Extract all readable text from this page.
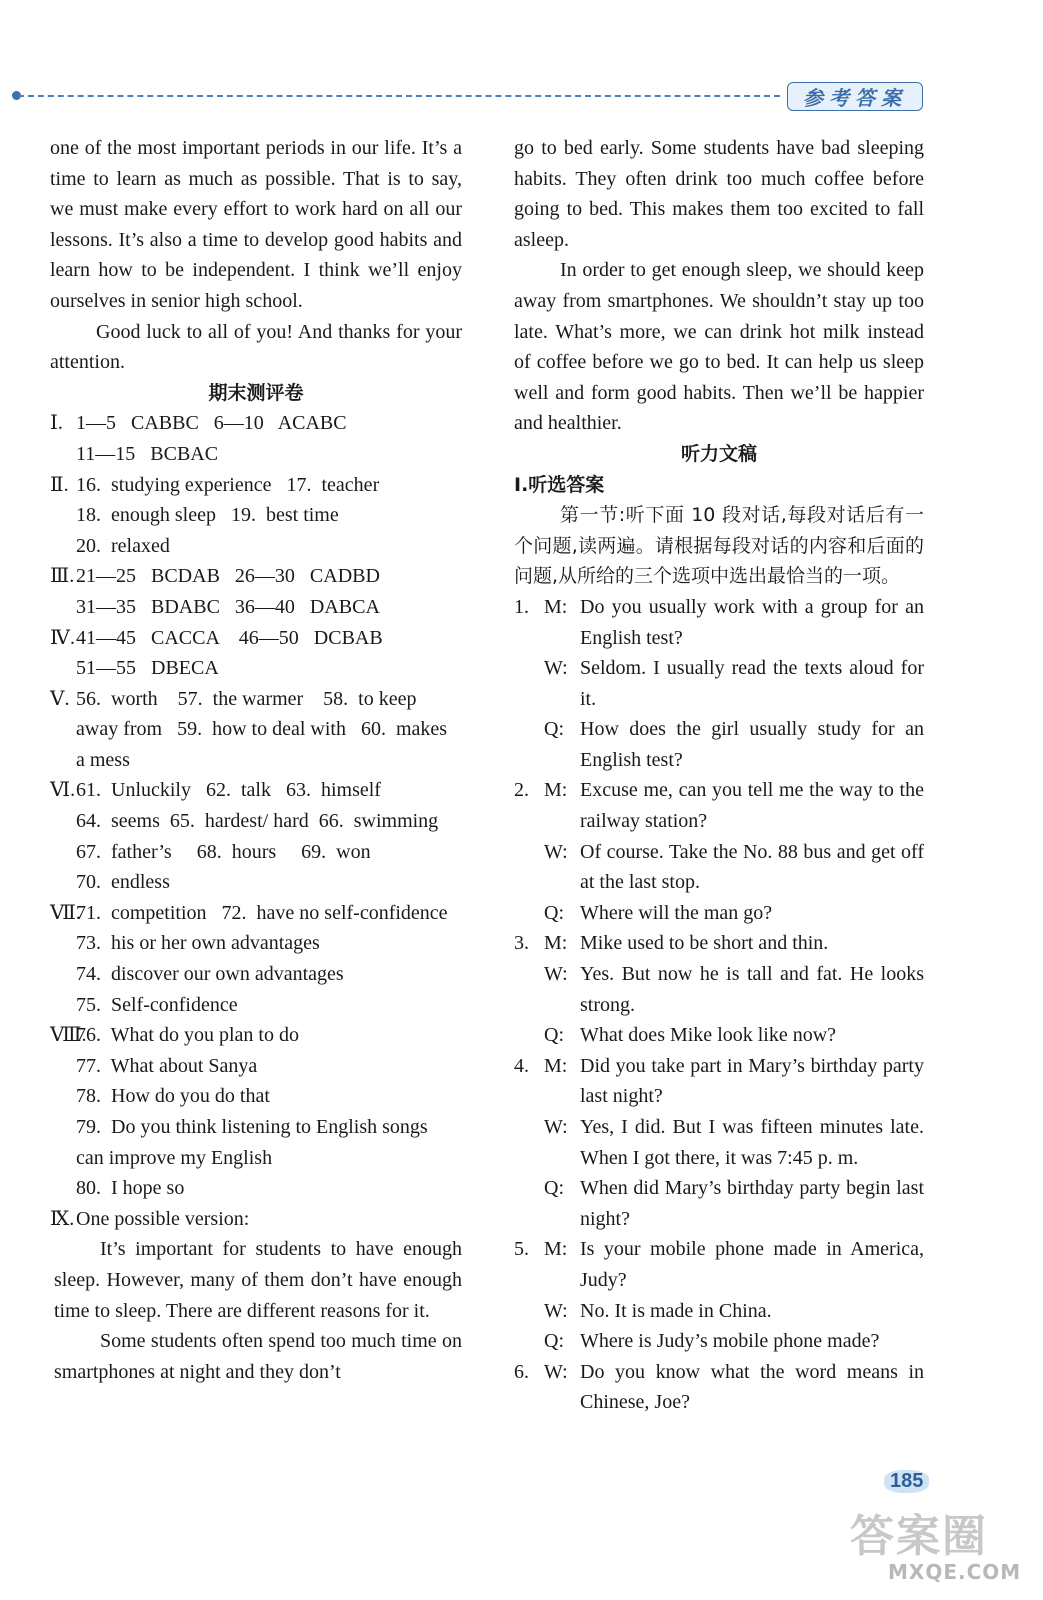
参考答案
one of the most important periods in our life. It’s a time to learn as much as possible. That is to say, we must make every effort to work hard on all our lessons. It’s also a time to develop good habits and learn how to be independent. I think we’ll enjoy ourselves in senior high school.
Good luck to all of you! And thanks for your attention.
期末测评卷
Ⅰ. 1—5   CABBC   6—10   ACABC
11—15   BCBAC
Ⅱ. 16.  studying experience   17.  teacher
18.  enough sleep   19.  best time
20.  relaxed
Ⅲ. 21—25   BCDAB   26—30   CADBD
31—35   BDABC   36—40   DABCA
Ⅳ. 41—45   CACCA    46—50   DCBAB
51—55   DBECA
Ⅴ. 56.  worth    57.  the warmer    58.  to keep
away from   59.  how to deal with   60.  makes
a mess
Ⅵ. 61.  Unluckily   62.  talk   63.  himself
64.  seems  65.  hardest/ hard  66.  swimming
67.  father’s     68.  hours     69.  won
70.  endless
Ⅶ.
71.  competition   72.  have no self-confidence
73.  his or her own advantages
74.  discover our own advantages
75.  Self-confidence
Ⅷ.
76.  What do you plan to do
77.  What about Sanya
78.  How do you do that
79.  Do you think listening to English songs
can improve my English
80.  I hope so
Ⅸ. One possible version:
It’s important for students to have enough sleep. However, many of them don’t have enough time to sleep. There are different reasons for it.
Some students often spend too much time on smartphones at night and they don’t
go to bed early. Some students have bad sleeping habits. They often drink too much coffee before going to bed. This makes them too excited to fall asleep.
In order to get enough sleep, we should keep away from smartphones. We shouldn’t stay up too late. What’s more, we can drink hot milk instead of coffee before we go to bed. It can help us sleep well and form good habits. Then we’ll be happier and healthier.
听力文稿
Ⅰ.听选答案
第一节:听下面 10 段对话,每段对话后有一个问题,读两遍。请根据每段对话的内容和后面的问题,从所给的三个选项中选出最恰当的一项。
1. M: Do you usually work with a group for an English test?
W: Seldom. I usually read the texts aloud for it.
Q: How does the girl usually study for an English test?
2. M: Excuse me, can you tell me the way to the railway station?
W: Of course. Take the No. 88 bus and get off at the last stop.
Q: Where will the man go?
3. M: Mike used to be short and thin.
W: Yes. But now he is tall and fat. He looks strong.
Q: What does Mike look like now?
4. M: Did you take part in Mary’s birthday party last night?
W: Yes, I did. But I was fifteen minutes late. When I got there, it was 7:45 p. m.
Q: When did Mary’s birthday party begin last night?
5. M: Is your mobile phone made in America, Judy?
W: No. It is made in China.
Q: Where is Judy’s mobile phone made?
6. W: Do you know what the word means in Chinese, Joe?
185
答案圈
MXQE.COM
